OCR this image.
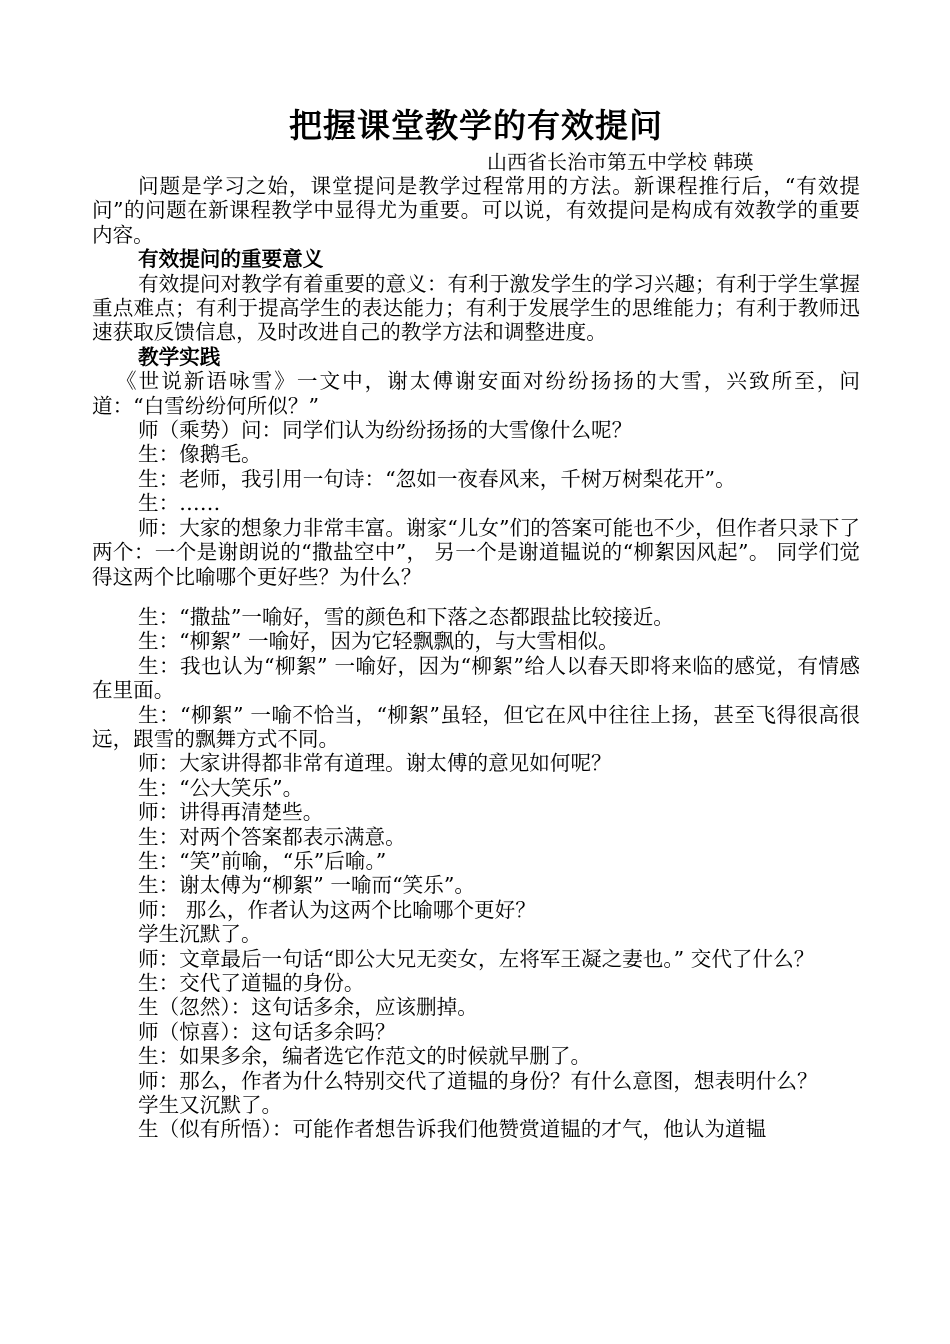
把握课堂教学的有效提问
山西省长治市第五中学校 韩瑛

问题是学习之始，课堂提问是教学过程常用的方法。新课程推行后，“有效提问”的问题在新课程教学中显得尤为重要。可以说，有效提问是构成有效教学的重要内容。

有效提问的重要意义

有效提问对教学有着重要的意义：有利于激发学生的学习兴趣；有利于学生掌握重点难点；有利于提高学生的表达能力；有利于发展学生的思维能力；有利于教师迅速获取反馈信息，及时改进自己的教学方法和调整进度。

教学实践

《世说新语咏雪》一文中，谢太傅谢安面对纷纷扬扬的大雪，兴致所至，问道：“白雪纷纷何所似？”

师（乘势）问：同学们认为纷纷扬扬的大雪像什么呢？

生：像鹅毛。

生：老师，我引用一句诗：“忽如一夜春风来，千树万树梨花开”。

生：……

师：大家的想象力非常丰富。谢家“儿女”们的答案可能也不少，但作者只录下了两个：一个是谢朗说的“撒盐空中”， 另一个是谢道韫说的“柳絮因风起”。 同学们觉得这两个比喻哪个更好些？为什么？

生：“撒盐”一喻好，雪的颜色和下落之态都跟盐比较接近。

生：“柳絮” 一喻好，因为它轻飘飘的，与大雪相似。

生：我也认为“柳絮” 一喻好，因为“柳絮”给人以春天即将来临的感觉，有情感在里面。

生：“柳絮” 一喻不恰当，“柳絮”虽轻，但它在风中往往上扬，甚至飞得很高很远，跟雪的飘舞方式不同。

师：大家讲得都非常有道理。谢太傅的意见如何呢？

生：“公大笑乐”。

师：讲得再清楚些。

生：对两个答案都表示满意。

生：“笑”前喻，“乐”后喻。”

生：谢太傅为“柳絮” 一喻而“笑乐”。

师： 那么，作者认为这两个比喻哪个更好？

学生沉默了。

师：文章最后一句话“即公大兄无奕女，左将军王凝之妻也。” 交代了什么？

生：交代了道韫的身份。

生（忽然）：这句话多余，应该删掉。

师（惊喜）：这句话多余吗？

生：如果多余，编者选它作范文的时候就早删了。

师：那么，作者为什么特别交代了道韫的身份？有什么意图，想表明什么？

学生又沉默了。

生（似有所悟）：可能作者想告诉我们他赞赏道韫的才气，他认为道韫
